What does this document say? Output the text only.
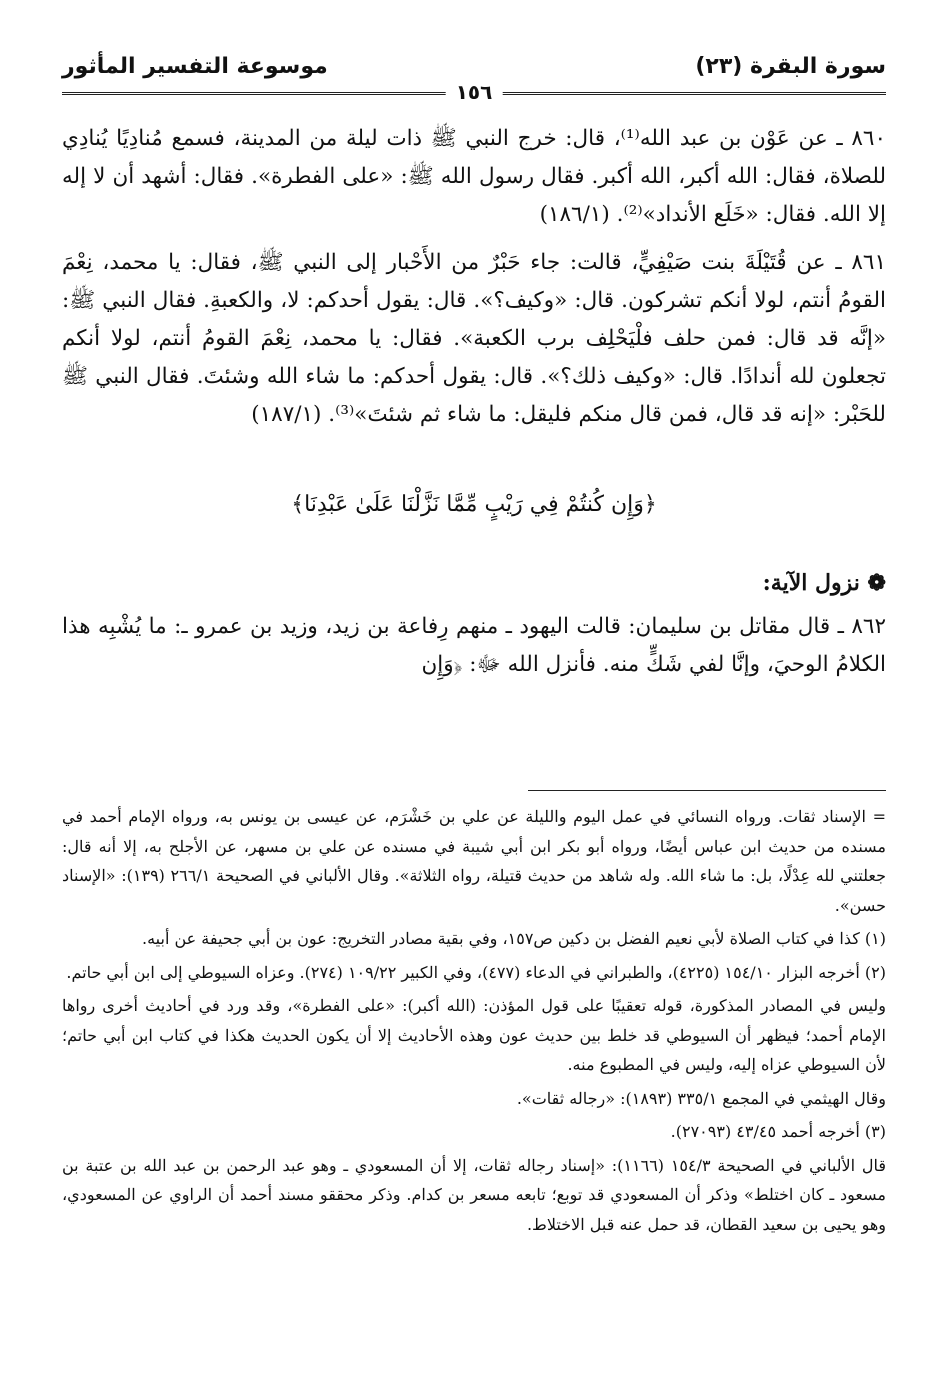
سورة البقرة (٢٣)
موسوعة التفسير المأثور
١٥٦

٨٦٠ ـ عن عَوْن بن عبد الله⁽¹⁾، قال: خرج النبي ﷺ ذات ليلة من المدينة، فسمع مُنادِيًا يُنادِي للصلاة، فقال: الله أكبر، الله أكبر. فقال رسول الله ﷺ: «على الفطرة». فقال: أشهد أن لا إله إلا الله. فقال: «خَلَع الأنداد»⁽²⁾. (١٨٦/١)

٨٦١ ـ عن قُتَيْلَةَ بنت صَيْفِيٍّ، قالت: جاء حَبْرٌ من الأَحْبار إلى النبي ﷺ، فقال: يا محمد، نِعْمَ القومُ أنتم، لولا أنكم تشركون. قال: «وكيف؟». قال: يقول أحدكم: لا، والكعبةِ. فقال النبي ﷺ: «إنَّه قد قال: فمن حلف فلْيَحْلِف برب الكعبة». فقال: يا محمد، نِعْمَ القومُ أنتم، لولا أنكم تجعلون لله أندادًا. قال: «وكيف ذلك؟». قال: يقول أحدكم: ما شاء الله وشئتَ. فقال النبي ﷺ للحَبْر: «إنه قد قال، فمن قال منكم فليقل: ما شاء ثم شئتَ»⁽³⁾. (١٨٧/١)

﴿وَإِن كُنتُمْ فِي رَيْبٍ مِّمَّا نَزَّلْنَا عَلَىٰ عَبْدِنَا﴾
❁ نزول الآية:

٨٦٢ ـ قال مقاتل بن سليمان: قالت اليهود ـ منهم رِفاعة بن زيد، وزيد بن عمرو ـ: ما يُشْبِه هذا الكلامُ الوحيَ، وإنَّا لفي شَكٍّ منه. فأنزل الله ﷻ: ﴿وَإِن

= الإسناد ثقات. ورواه النسائي في عمل اليوم والليلة عن علي بن خَشْرَم، عن عيسى بن يونس به، ورواه الإمام أحمد في مسنده من حديث ابن عباس أيضًا، ورواه أبو بكر ابن أبي شيبة في مسنده عن علي بن مسهر، عن الأجلح به، إلا أنه قال: جعلتني لله عِدْلًا، بل: ما شاء الله. وله شاهد من حديث قتيلة، رواه الثلاثة». وقال الألباني في الصحيحة ٢٦٦/١ (١٣٩): «الإسناد حسن».

(١) كذا في كتاب الصلاة لأبي نعيم الفضل بن دكين ص١٥٧، وفي بقية مصادر التخريج: عون بن أبي جحيفة عن أبيه.

(٢) أخرجه البزار ١٥٤/١٠ (٤٢٢٥)، والطبراني في الدعاء (٤٧٧)، وفي الكبير ١٠٩/٢٢ (٢٧٤). وعزاه السيوطي إلى ابن أبي حاتم.

وليس في المصادر المذكورة، قوله تعقيبًا على قول المؤذن: (الله أكبر): «على الفطرة»، وقد ورد في أحاديث أخرى رواها الإمام أحمد؛ فيظهر أن السيوطي قد خلط بين حديث عون وهذه الأحاديث إلا أن يكون الحديث هكذا في كتاب ابن أبي حاتم؛ لأن السيوطي عزاه إليه، وليس في المطبوع منه.

وقال الهيثمي في المجمع ٣٣٥/١ (١٨٩٣): «رجاله ثقات».

(٣) أخرجه أحمد ٤٣/٤٥ (٢٧٠٩٣).

قال الألباني في الصحيحة ١٥٤/٣ (١١٦٦): «إسناد رجاله ثقات، إلا أن المسعودي ـ وهو عبد الرحمن بن عبد الله بن عتبة بن مسعود ـ كان اختلط» وذكر أن المسعودي قد توبع؛ تابعه مسعر بن كدام. وذكر محققو مسند أحمد أن الراوي عن المسعودي، وهو يحيى بن سعيد القطان، قد حمل عنه قبل الاختلاط.
